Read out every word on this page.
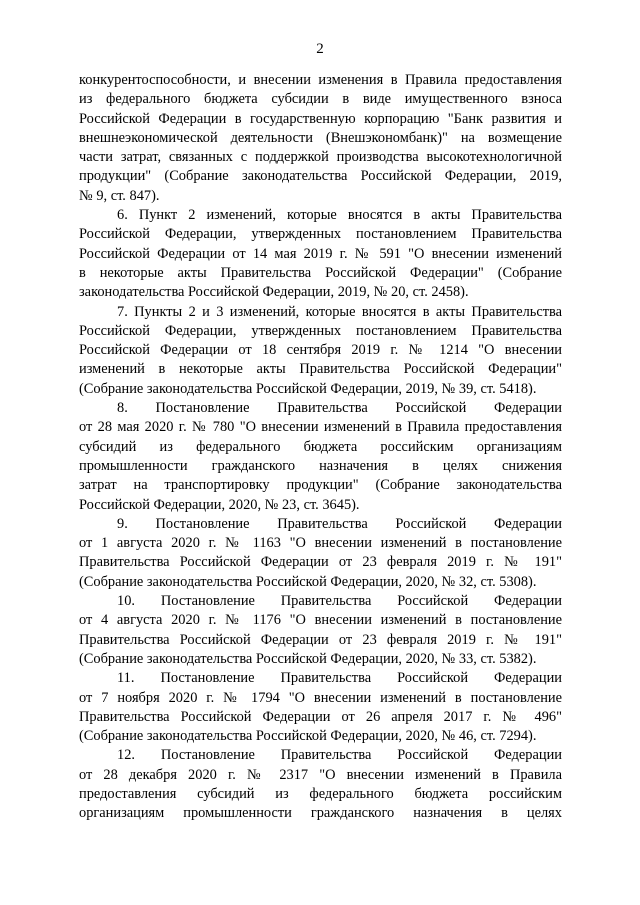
2
конкурентоспособности, и внесении изменения в Правила предоставления
из федерального бюджета субсидии в виде имущественного взноса
Российской Федерации в государственную корпорацию "Банк развития и
внешнеэкономической деятельности (Внешэкономбанк)" на возмещение
части затрат, связанных с поддержкой производства высокотехнологичной
продукции" (Собрание законодательства Российской Федерации, 2019,
№ 9, ст. 847).
6. Пункт 2 изменений, которые вносятся в акты Правительства
Российской Федерации, утвержденных постановлением Правительства
Российской Федерации от 14 мая 2019 г. № 591 "О внесении изменений
в некоторые акты Правительства Российской Федерации" (Собрание
законодательства Российской Федерации, 2019, № 20, ст. 2458).
7. Пункты 2 и 3 изменений, которые вносятся в акты Правительства
Российской Федерации, утвержденных постановлением Правительства
Российской Федерации от 18 сентября 2019 г. № 1214 "О внесении
изменений в некоторые акты Правительства Российской Федерации"
(Собрание законодательства Российской Федерации, 2019, № 39, ст. 5418).
8. Постановление Правительства Российской Федерации
от 28 мая 2020 г. № 780 "О внесении изменений в Правила предоставления
субсидий из федерального бюджета российским организациям
промышленности гражданского назначения в целях снижения
затрат на транспортировку продукции" (Собрание законодательства
Российской Федерации, 2020, № 23, ст. 3645).
9. Постановление Правительства Российской Федерации
от 1 августа 2020 г. № 1163 "О внесении изменений в постановление
Правительства Российской Федерации от 23 февраля 2019 г. № 191"
(Собрание законодательства Российской Федерации, 2020, № 32, ст. 5308).
10. Постановление Правительства Российской Федерации
от 4 августа 2020 г. № 1176 "О внесении изменений в постановление
Правительства Российской Федерации от 23 февраля 2019 г. № 191"
(Собрание законодательства Российской Федерации, 2020, № 33, ст. 5382).
11. Постановление Правительства Российской Федерации
от 7 ноября 2020 г. № 1794 "О внесении изменений в постановление
Правительства Российской Федерации от 26 апреля 2017 г. № 496"
(Собрание законодательства Российской Федерации, 2020, № 46, ст. 7294).
12. Постановление Правительства Российской Федерации
от 28 декабря 2020 г. № 2317 "О внесении изменений в Правила
предоставления субсидий из федерального бюджета российским
организациям промышленности гражданского назначения в целях
